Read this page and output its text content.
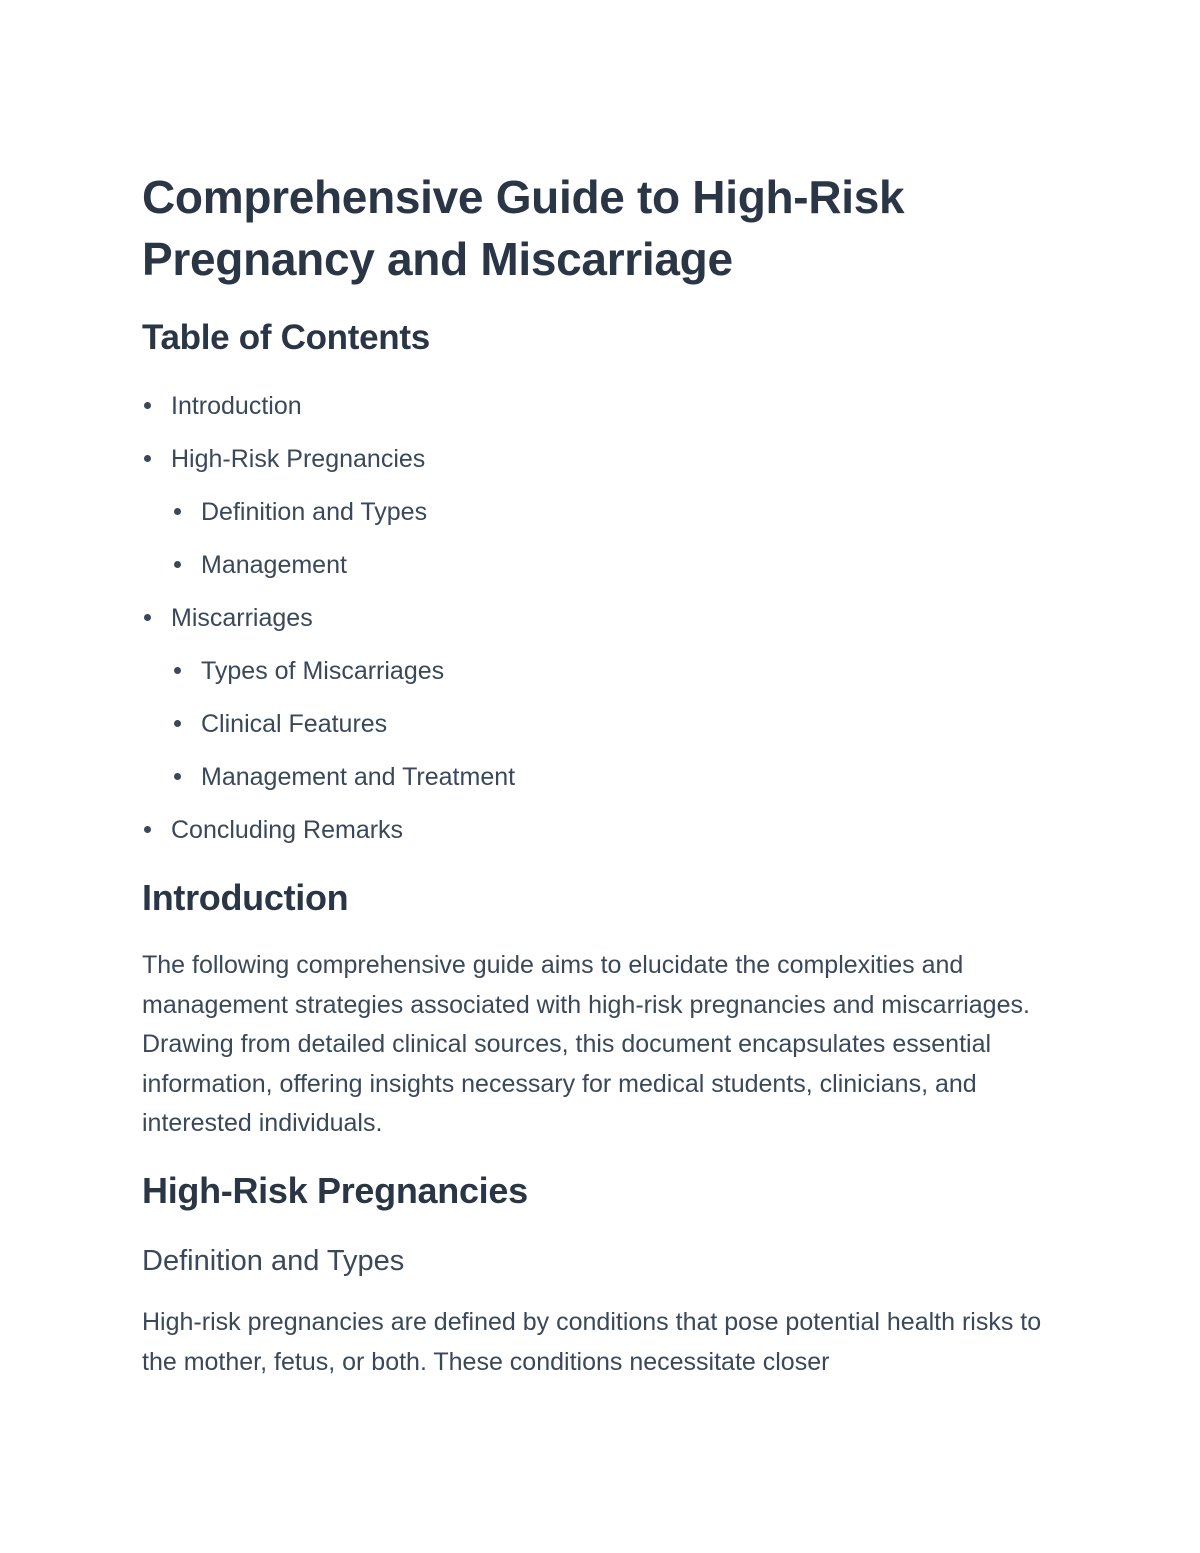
Comprehensive Guide to High-Risk Pregnancy and Miscarriage
Table of Contents
Introduction
High-Risk Pregnancies
Definition and Types
Management
Miscarriages
Types of Miscarriages
Clinical Features
Management and Treatment
Concluding Remarks
Introduction

The following comprehensive guide aims to elucidate the complexities and management strategies associated with high-risk pregnancies and miscarriages. Drawing from detailed clinical sources, this document encapsulates essential information, offering insights necessary for medical students, clinicians, and interested individuals.

High-Risk Pregnancies
Definition and Types

High-risk pregnancies are defined by conditions that pose potential health risks to the mother, fetus, or both. These conditions necessitate closer
